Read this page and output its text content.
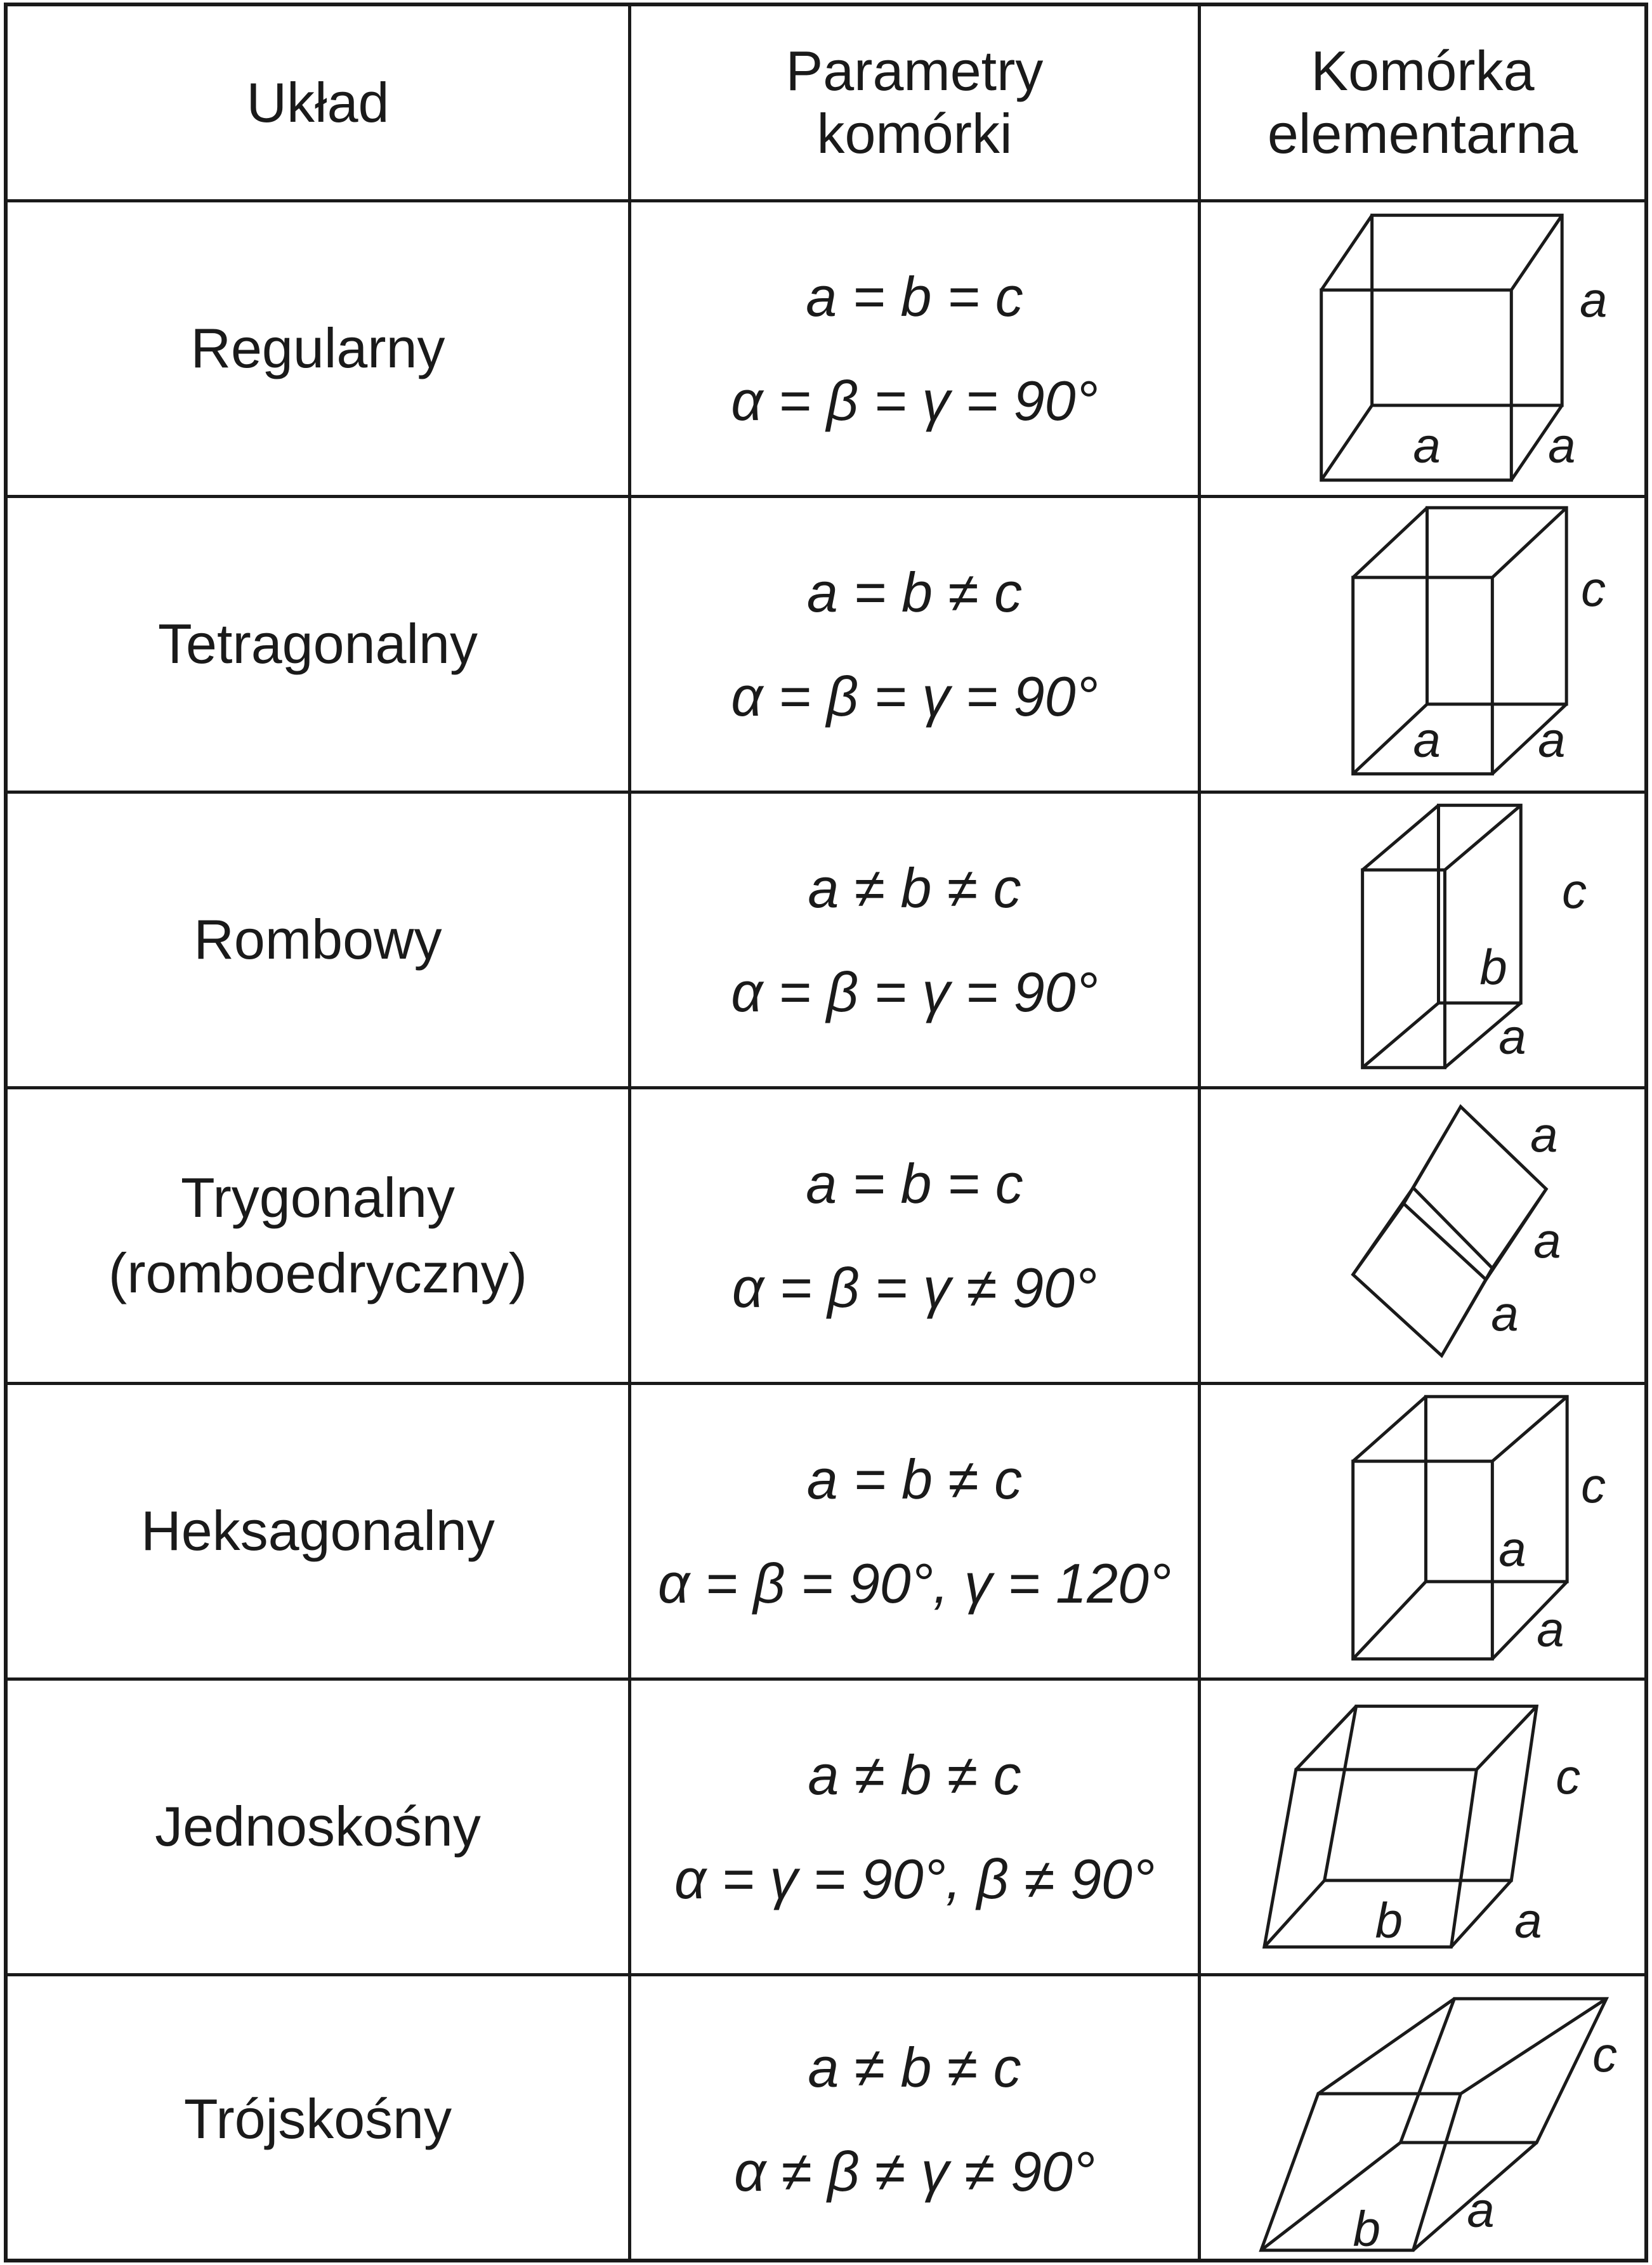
Układ	Parametry
komórki
Komórka
elementarna
Regularny
a = b = c
α = β = γ = 90°
a
a a
Tetragonalny
a = b ≠ c
α = β = γ = 90°
c
a a
Rombowy
a ≠ b ≠ c
α = β = γ = 90°
c
b
a
Trygonalny
(romboedryczny)
a = b = c
α = β = γ ≠ 90°
a
a
a
Heksagonalny
a = b ≠ c
α = β = 90°, γ = 120°
c
a
a
Jednoskośny
a ≠ b ≠ c
α = γ = 90°, β ≠ 90°
c
b a
Trójskośny
a ≠ b ≠ c
α ≠ β ≠ γ ≠ 90°
c
b a
